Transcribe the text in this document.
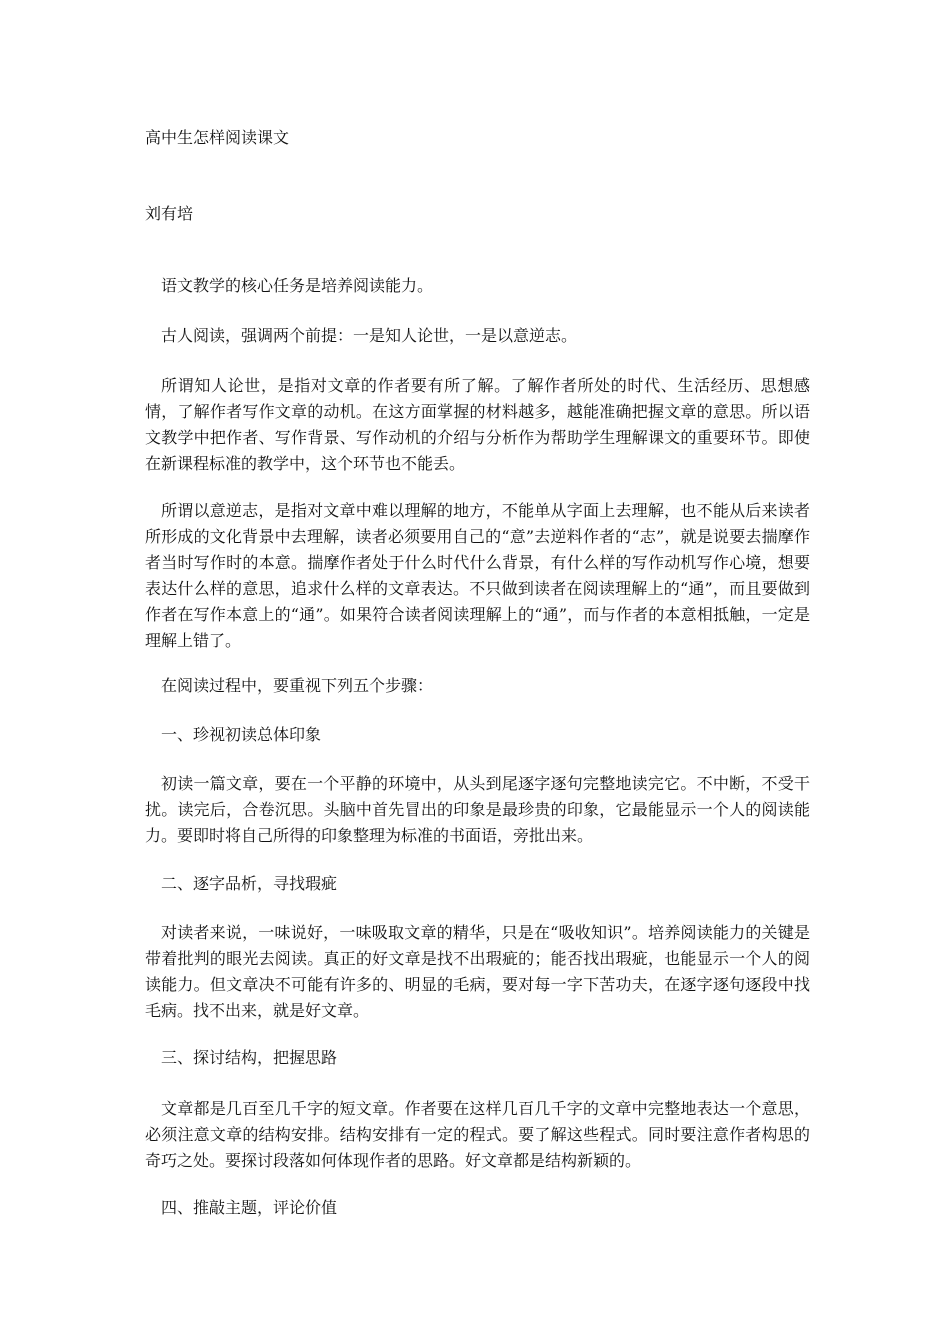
高中生怎样阅读课文
刘有培

语文教学的核心任务是培养阅读能力。

古人阅读，强调两个前提：一是知人论世，一是以意逆志。

所谓知人论世，是指对文章的作者要有所了解。了解作者所处的时代、生活经历、思想感情，了解作者写作文章的动机。在这方面掌握的材料越多，越能准确把握文章的意思。所以语文教学中把作者、写作背景、写作动机的介绍与分析作为帮助学生理解课文的重要环节。即使在新课程标准的教学中，这个环节也不能丢。

所谓以意逆志，是指对文章中难以理解的地方，不能单从字面上去理解，也不能从后来读者所形成的文化背景中去理解，读者必须要用自己的“意”去逆料作者的“志”，就是说要去揣摩作者当时写作时的本意。揣摩作者处于什么时代什么背景，有什么样的写作动机写作心境，想要表达什么样的意思，追求什么样的文章表达。不只做到读者在阅读理解上的“通”，而且要做到作者在写作本意上的“通”。如果符合读者阅读理解上的“通”，而与作者的本意相抵触，一定是理解上错了。

在阅读过程中，要重视下列五个步骤：

一、珍视初读总体印象

初读一篇文章，要在一个平静的环境中，从头到尾逐字逐句完整地读完它。不中断，不受干扰。读完后，合卷沉思。头脑中首先冒出的印象是最珍贵的印象，它最能显示一个人的阅读能力。要即时将自己所得的印象整理为标准的书面语，旁批出来。

二、逐字品析，寻找瑕疵

对读者来说，一味说好，一味吸取文章的精华，只是在“吸收知识”。培养阅读能力的关键是带着批判的眼光去阅读。真正的好文章是找不出瑕疵的；能否找出瑕疵，也能显示一个人的阅读能力。但文章决不可能有许多的、明显的毛病，要对每一字下苦功夫，在逐字逐句逐段中找毛病。找不出来，就是好文章。

三、探讨结构，把握思路

文章都是几百至几千字的短文章。作者要在这样几百几千字的文章中完整地表达一个意思，必须注意文章的结构安排。结构安排有一定的程式。要了解这些程式。同时要注意作者构思的奇巧之处。要探讨段落如何体现作者的思路。好文章都是结构新颖的。

四、推敲主题，评论价值
